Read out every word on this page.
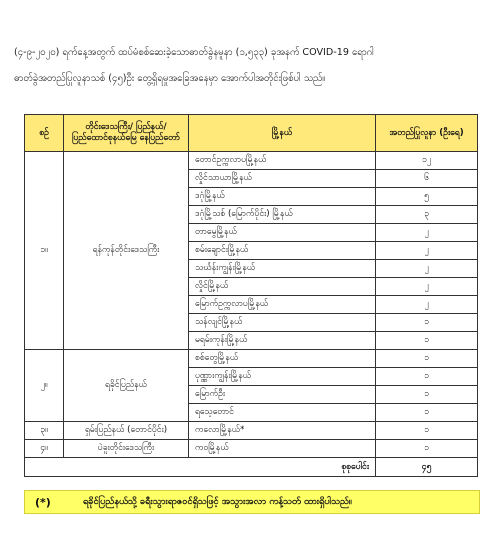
(၄-၉-၂၀၂၀) ရက်နေ့အတွက် ထပ်မံစစ်ဆေးခဲ့သောဓာတ်ခွဲနမူနာ (၁,၅၃၃) ခုအနက် COVID-19 ရောဂါ

ဓာတ်ခွဲအတည်ပြုလူနာသစ် (၄၅)ဦး တွေ့ရှိရမှုအခြေအနေမှာ အောက်ပါအတိုင်းဖြစ်ပါ သည်။

စဉ်	တိုင်းဒေသကြီး/ ပြည်နယ်/ ပြည်ထောင်စုနယ်မြေ နေပြည်တော်	မြို့နယ်	အတည်ပြုလူနာ (ဦးရေ)
၁။	ရန်ကုန်တိုင်းဒေသကြီး	တောင်ဥက္ကလာပမြို့နယ်	၁၂
		လှိုင်သာယာမြို့နယ်	၆
		ဒဂုံမြို့နယ်	၅
		ဒဂုံမြို့သစ် (မြောက်ပိုင်း) မြို့နယ်	၃
		တာမွေမြို့နယ်	၂
		စမ်းချောင်းမြို့နယ်	၂
		သင်္ဃန်းကျွန်းမြို့နယ်	၂
		လှိုင်မြို့နယ်	၂
		မြောက်ဥက္ကလာပမြို့နယ်	၂
		သန်လျင်မြို့နယ်	၁
		မရမ်းကုန်းမြို့နယ်	၁
၂။	ရခိုင်ပြည်နယ်	စစ်တွေမြို့နယ်	၁
		ပုဏ္ဏားကျွန်းမြို့နယ်	၁
		မြောက်ဦး	၁
		ရသေ့တောင်	၁
၃။	ရှမ်းပြည်နယ် (တောင်ပိုင်း)	ကလောမြို့နယ်*	၁
၄။	ပဲခူးတိုင်းဒေသကြီး	ကဝမြို့နယ်	၁
စုစုပေါင်း			၄၅
(*)	ရခိုင်ပြည်နယ်သို့ ခရီးသွားရာဇဝင်ရှိသဖြင့် အသွားအလာ ကန့်သတ် ထားရှိပါသည်။
